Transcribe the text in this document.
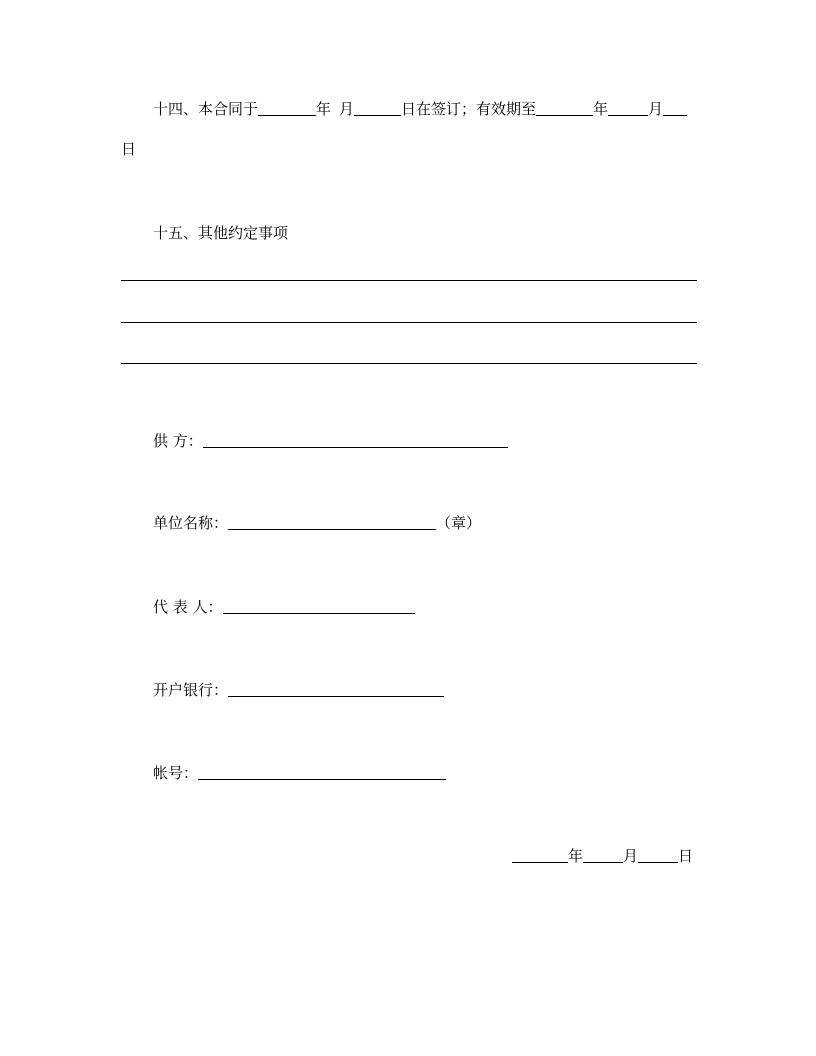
十四、本合同于	年 月	日在签订；有效期至	年	月
日
十五、其他约定事项
供 方：
单位名称：	（章）
代 表 人：
开户银行：
帐号：
年	月	日
